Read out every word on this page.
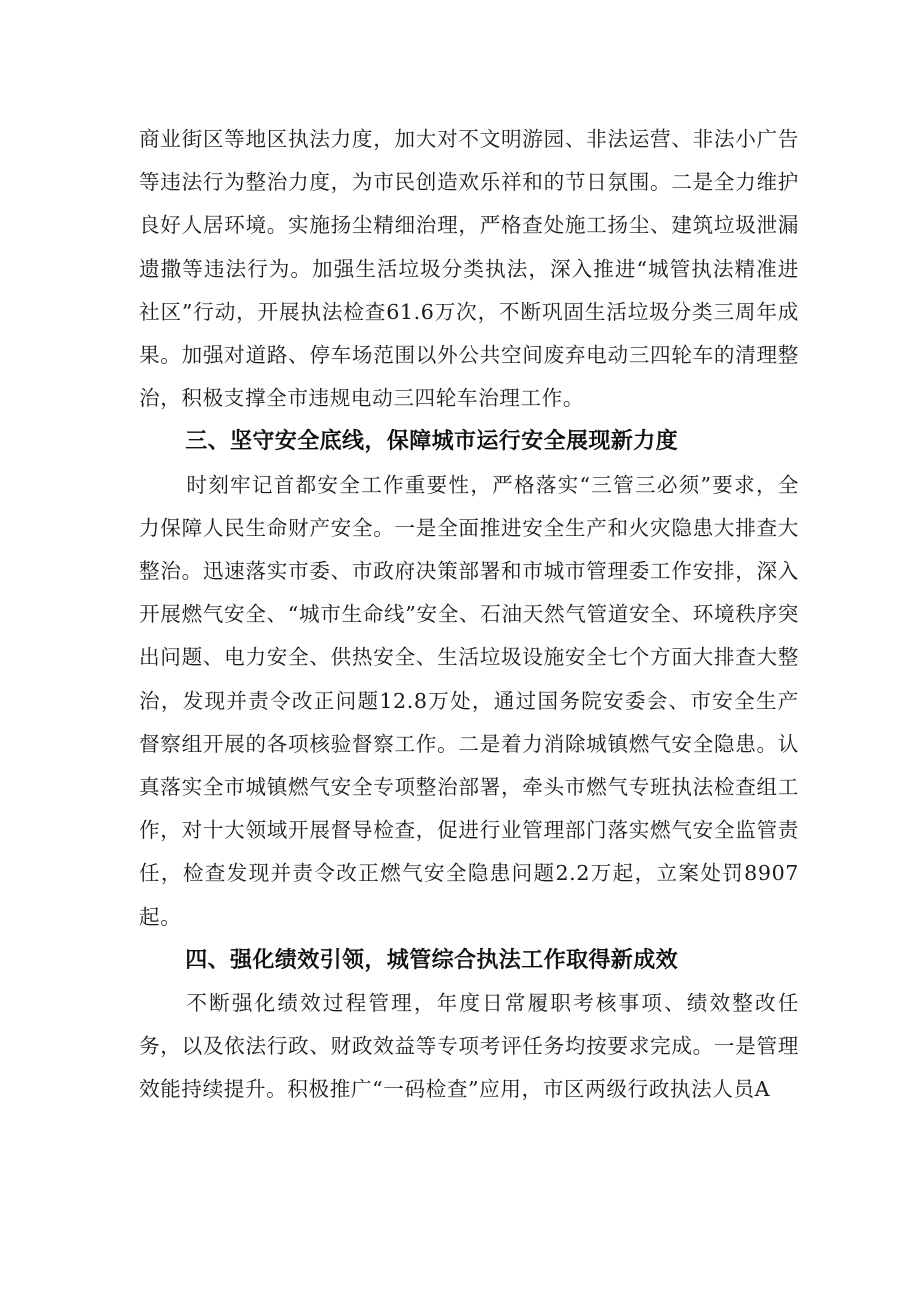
商业街区等地区执法力度，加大对不文明游园、非法运营、非法小广告等违法行为整治力度，为市民创造欢乐祥和的节日氛围。二是全力维护良好人居环境。实施扬尘精细治理，严格查处施工扬尘、建筑垃圾泄漏遗撒等违法行为。加强生活垃圾分类执法，深入推进“城管执法精准进社区”行动，开展执法检查61.6万次，不断巩固生活垃圾分类三周年成果。加强对道路、停车场范围以外公共空间废弃电动三四轮车的清理整治，积极支撑全市违规电动三四轮车治理工作。

三、坚守安全底线，保障城市运行安全展现新力度

时刻牢记首都安全工作重要性，严格落实“三管三必须”要求，全力保障人民生命财产安全。一是全面推进安全生产和火灾隐患大排查大整治。迅速落实市委、市政府决策部署和市城市管理委工作安排，深入开展燃气安全、“城市生命线”安全、石油天然气管道安全、环境秩序突出问题、电力安全、供热安全、生活垃圾设施安全七个方面大排查大整治，发现并责令改正问题12.8万处，通过国务院安委会、市安全生产督察组开展的各项核验督察工作。二是着力消除城镇燃气安全隐患。认真落实全市城镇燃气安全专项整治部署，牵头市燃气专班执法检查组工作，对十大领域开展督导检查，促进行业管理部门落实燃气安全监管责任，检查发现并责令改正燃气安全隐患问题2.2万起，立案处罚8907起。

四、强化绩效引领，城管综合执法工作取得新成效

不断强化绩效过程管理，年度日常履职考核事项、绩效整改任务，以及依法行政、财政效益等专项考评任务均按要求完成。一是管理效能持续提升。积极推广“一码检查”应用，市区两级行政执法人员A
